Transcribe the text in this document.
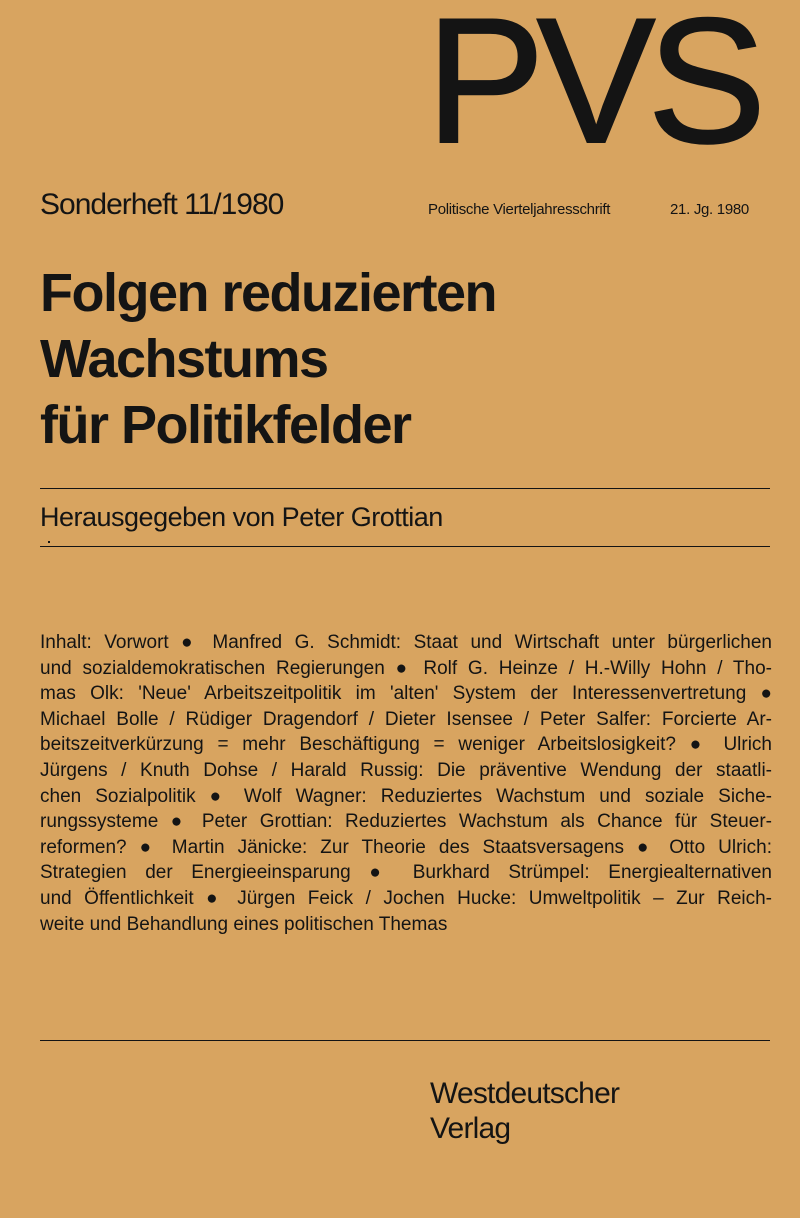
PVS
Sonderheft 11/1980	Politische Vierteljahresschrift	21. Jg. 1980
Folgen reduzierten
Wachstums
für Politikfelder
Herausgegeben von Peter Grottian
Inhalt: Vorwort ● Manfred G. Schmidt: Staat und Wirtschaft unter bürgerlichen
und sozialdemokratischen Regierungen ● Rolf G. Heinze / H.-Willy Hohn / Tho-
mas Olk: 'Neue' Arbeitszeitpolitik im 'alten' System der Interessenvertretung ●
Michael Bolle / Rüdiger Dragendorf / Dieter Isensee / Peter Salfer: Forcierte Ar-
beitszeitverkürzung = mehr Beschäftigung = weniger Arbeitslosigkeit? ● Ulrich
Jürgens / Knuth Dohse / Harald Russig: Die präventive Wendung der staatli-
chen Sozialpolitik ● Wolf Wagner: Reduziertes Wachstum und soziale Siche-
rungssysteme ● Peter Grottian: Reduziertes Wachstum als Chance für Steuer-
reformen? ● Martin Jänicke: Zur Theorie des Staatsversagens ● Otto Ulrich:
Strategien der Energieeinsparung ● Burkhard Strümpel: Energiealternativen
und Öffentlichkeit ● Jürgen Feick / Jochen Hucke: Umweltpolitik – Zur Reich-
weite und Behandlung eines politischen Themas
Westdeutscher
Verlag
